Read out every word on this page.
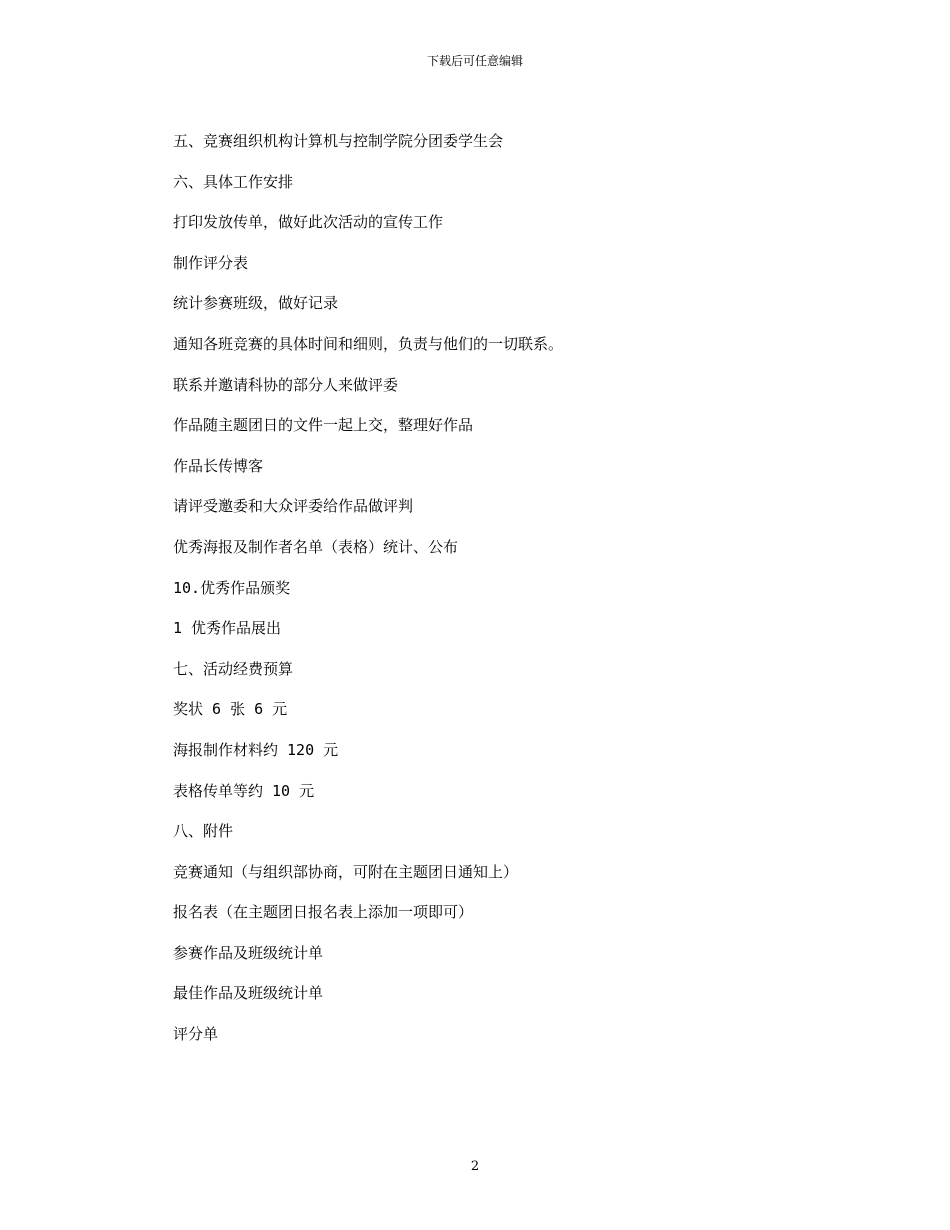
下载后可任意编辑
五、竞赛组织机构计算机与控制学院分团委学生会
六、具体工作安排
打印发放传单，做好此次活动的宣传工作
制作评分表
统计参赛班级，做好记录
通知各班竞赛的具体时间和细则，负责与他们的一切联系。
联系并邀请科协的部分人来做评委
作品随主题团日的文件一起上交，整理好作品
作品长传博客
请评受邀委和大众评委给作品做评判
优秀海报及制作者名单（表格）统计、公布
10.优秀作品颁奖
1 优秀作品展出
七、活动经费预算
奖状 6 张 6 元
海报制作材料约 120 元
表格传单等约 10 元
八、附件
竞赛通知（与组织部协商，可附在主题团日通知上）
报名表（在主题团日报名表上添加一项即可）
参赛作品及班级统计单
最佳作品及班级统计单
评分单
2
